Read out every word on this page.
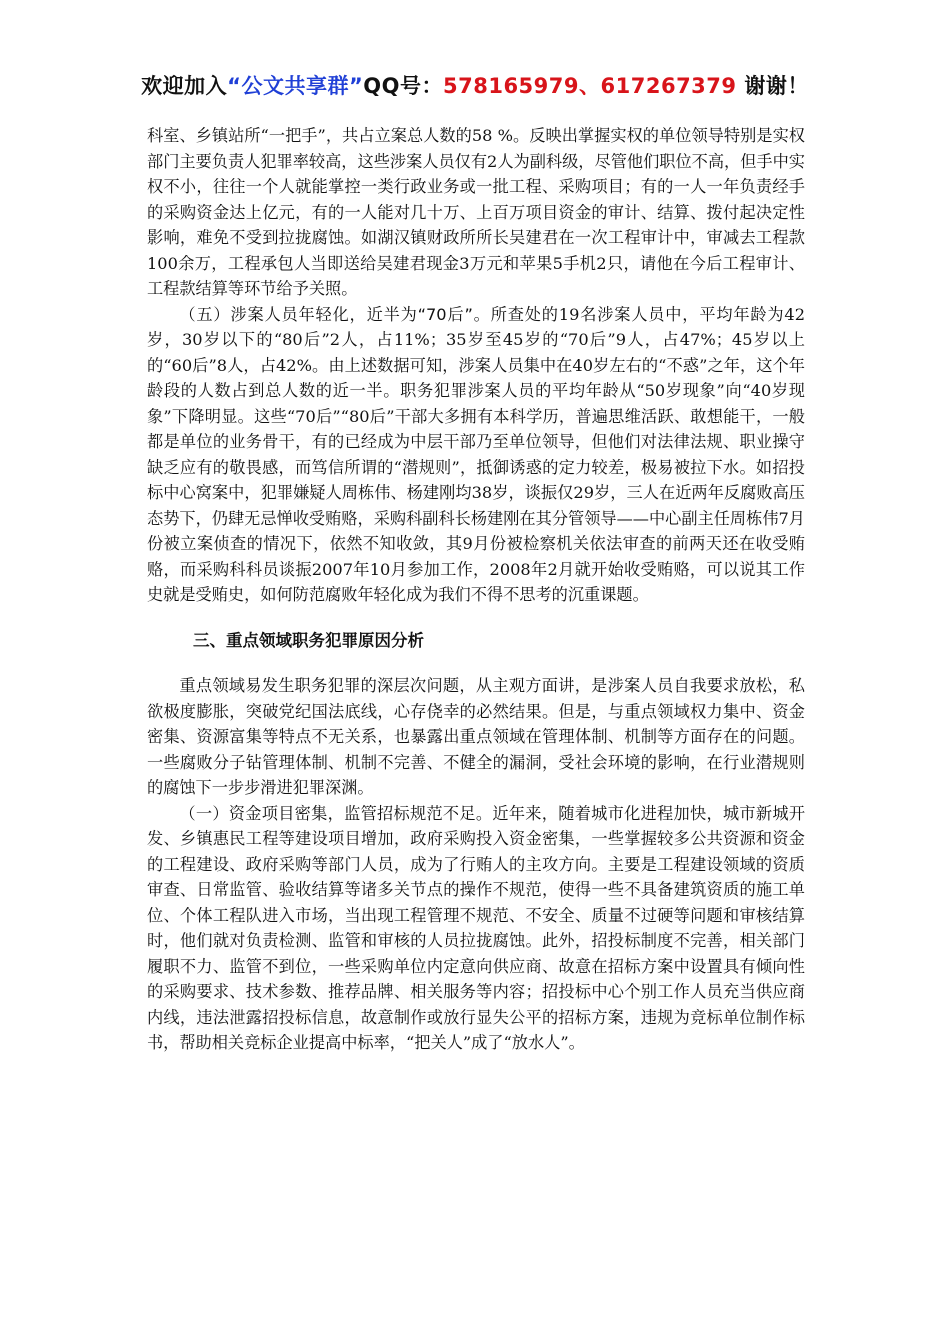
欢迎加入“公文共享群”QQ号：578165979、617267379 谢谢！

科室、乡镇站所“一把手”，共占立案总人数的58 %。反映出掌握实权的单位领导特别是实权部门主要负责人犯罪率较高，这些涉案人员仅有2人为副科级，尽管他们职位不高，但手中实权不小，往往一个人就能掌控一类行政业务或一批工程、采购项目；有的一人一年负责经手的采购资金达上亿元，有的一人能对几十万、上百万项目资金的审计、结算、拨付起决定性影响，难免不受到拉拢腐蚀。如湖汉镇财政所所长吴建君在一次工程审计中，审减去工程款100余万，工程承包人当即送给吴建君现金3万元和苹果5手机2只，请他在今后工程审计、工程款结算等环节给予关照。

（五）涉案人员年轻化，近半为“70后”。所查处的19名涉案人员中，平均年龄为42岁，30岁以下的“80后”2人，占11%；35岁至45岁的“70后”9人，占47%；45岁以上的“60后”8人，占42%。由上述数据可知，涉案人员集中在40岁左右的“不惑”之年，这个年龄段的人数占到总人数的近一半。职务犯罪涉案人员的平均年龄从“50岁现象”向“40岁现象”下降明显。这些“70后”“80后”干部大多拥有本科学历，普遍思维活跃、敢想能干，一般都是单位的业务骨干，有的已经成为中层干部乃至单位领导，但他们对法律法规、职业操守缺乏应有的敬畏感，而笃信所谓的“潜规则”，抵御诱惑的定力较差，极易被拉下水。如招投标中心窝案中，犯罪嫌疑人周栋伟、杨建刚均38岁，谈振仅29岁，三人在近两年反腐败高压态势下，仍肆无忌惮收受贿赂，采购科副科长杨建刚在其分管领导——中心副主任周栋伟7月份被立案侦查的情况下，依然不知收敛，其9月份被检察机关依法审查的前两天还在收受贿赂，而采购科科员谈振2007年10月参加工作，2008年2月就开始收受贿赂，可以说其工作史就是受贿史，如何防范腐败年轻化成为我们不得不思考的沉重课题。

三、重点领域职务犯罪原因分析

重点领域易发生职务犯罪的深层次问题，从主观方面讲，是涉案人员自我要求放松，私欲极度膨胀，突破党纪国法底线，心存侥幸的必然结果。但是，与重点领域权力集中、资金密集、资源富集等特点不无关系，也暴露出重点领域在管理体制、机制等方面存在的问题。一些腐败分子钻管理体制、机制不完善、不健全的漏洞，受社会环境的影响，在行业潜规则的腐蚀下一步步滑进犯罪深渊。

（一）资金项目密集，监管招标规范不足。近年来，随着城市化进程加快，城市新城开发、乡镇惠民工程等建设项目增加，政府采购投入资金密集，一些掌握较多公共资源和资金的工程建设、政府采购等部门人员，成为了行贿人的主攻方向。主要是工程建设领域的资质审查、日常监管、验收结算等诸多关节点的操作不规范，使得一些不具备建筑资质的施工单位、个体工程队进入市场，当出现工程管理不规范、不安全、质量不过硬等问题和审核结算时，他们就对负责检测、监管和审核的人员拉拢腐蚀。此外，招投标制度不完善，相关部门履职不力、监管不到位，一些采购单位内定意向供应商、故意在招标方案中设置具有倾向性的采购要求、技术参数、推荐品牌、相关服务等内容；招投标中心个别工作人员充当供应商内线，违法泄露招投标信息，故意制作或放行显失公平的招标方案，违规为竞标单位制作标书，帮助相关竞标企业提高中标率，“把关人”成了“放水人”。
